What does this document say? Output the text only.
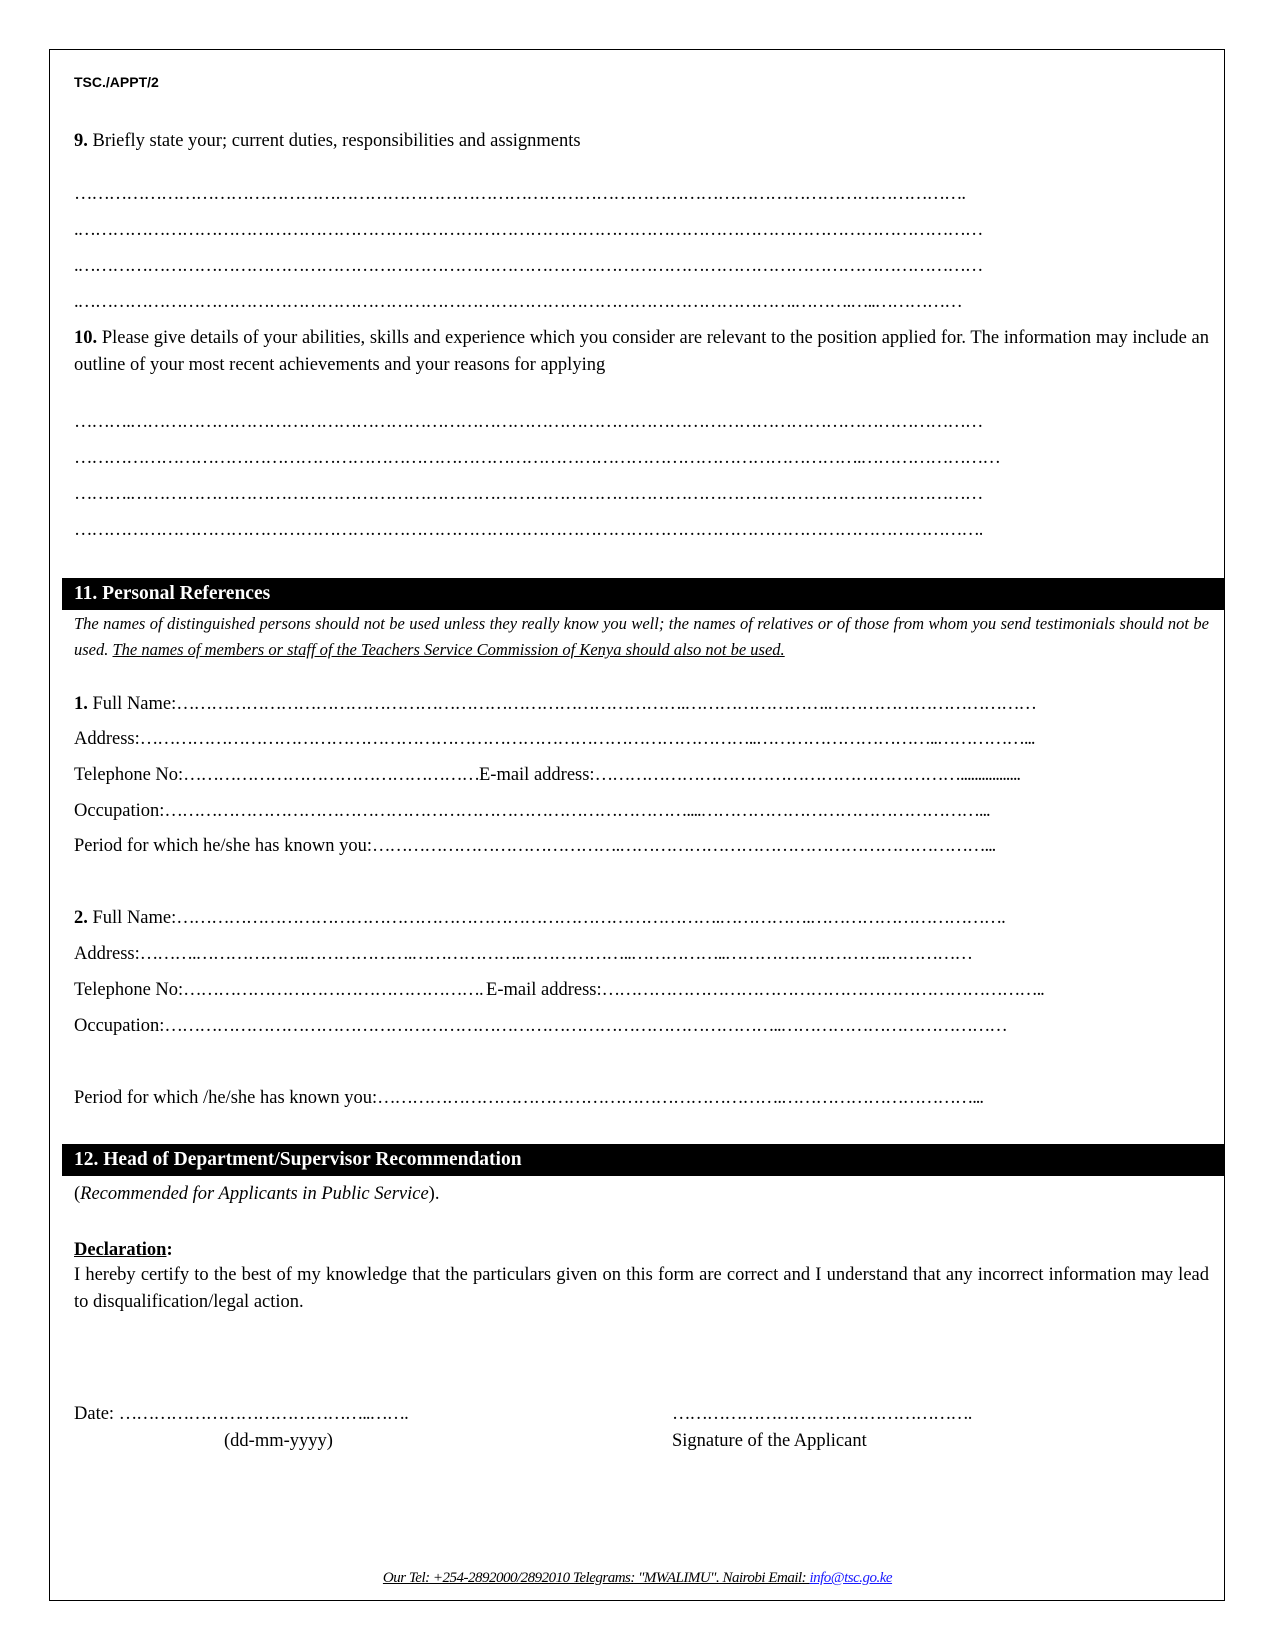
TSC./APPT/2
9. Briefly state your; current duties, responsibilities and assignments
……………………………………………………………………………………………………………………………………….
.…………………………………………………………………………………………………………………………………………
.…………………………………………………………………………………………………………………………………………
.…………………………………………………………………………………………………………….……….…..……………
10. Please give details of your abilities, skills and experience which you consider are relevant to the position applied for. The information may include an outline of your most recent achievements and your reasons for applying
……….…………………………………………………………………………………………………………………………………
……………………………………………………………………………………………………………………….……………………
……….…………………………………………………………………………………………………………………………………
………………………………………………………………………………………………………………………………………….
11. Personal References
The names of distinguished persons should not be used unless they really know you well; the names of relatives or of those from whom you send testimonials should not be used. The names of members or staff of the Teachers Service Commission of Kenya should also not be used.
1. Full Name:…………………………………………………………………………….…………………….………………………………
Address:……………………………………………………………………………………………..…………………………..……………...
Telephone No:……………………………………………E-mail address:……………………………………………………….................
Occupation:………………………………………………………………………………....…………………………………………...
Period for which he/she has known you:…………………………………….………………………………………………………...
2. Full Name:………………………………………………………………………………….…………….…………………………….
Address:……….……………….……………….……………….………………..……………..……………………….……………
Telephone No:……………………………………………. E-mail address:…………………………………………………………………..
Occupation:……………………………………………………………………………………………..…………………………………
Period for which /he/she has known you:…………………………………………………………….……………………………...
12. Head of Department/Supervisor Recommendation
(Recommended for Applicants in Public Service).
Declaration:
I hereby certify to the best of my knowledge that the particulars given on this form are correct and I understand that any incorrect information may lead to disqualification/legal action.
Date: ……………………………………..…….
(dd-mm-yyyy)
…………………………………………….
Signature of the Applicant
Our Tel: +254-2892000/2892010 Telegrams: "MWALIMU". Nairobi Email: info@tsc.go.ke
